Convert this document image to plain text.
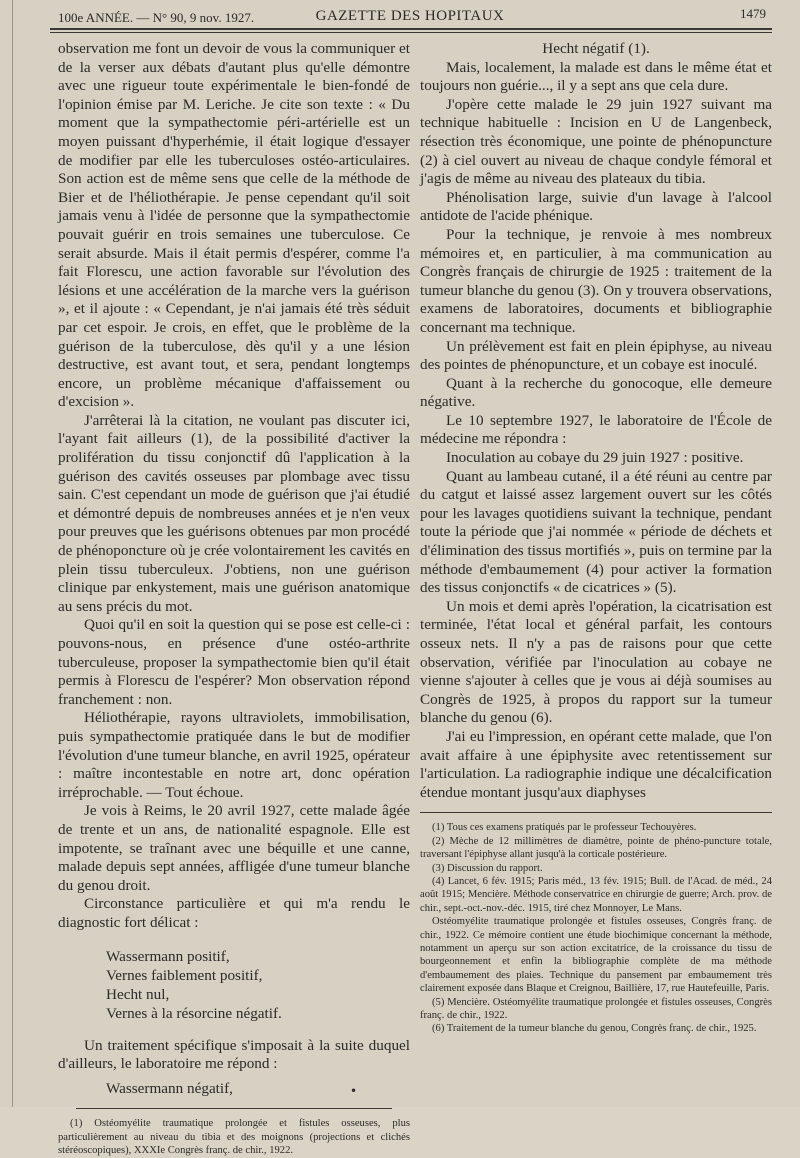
100e ANNÉE. — N° 90, 9 nov. 1927.	GAZETTE DES HOPITAUX	1479

observation me font un devoir de vous la communiquer et de la verser aux débats d'autant plus qu'elle démontre avec une rigueur toute expérimentale le bien-fondé de l'opinion émise par M. Leriche. Je cite son texte : « Du moment que la sympathectomie péri-artérielle est un moyen puissant d'hyperhémie, il était logique d'essayer de modifier par elle les tuberculoses ostéo-articulaires. Son action est de même sens que celle de la méthode de Bier et de l'héliothérapie. Je pense cependant qu'il soit jamais venu à l'idée de personne que la sympathectomie pouvait guérir en trois semaines une tuberculose. Ce serait absurde. Mais il était permis d'espérer, comme l'a fait Florescu, une action favorable sur l'évolution des lésions et une accélération de la marche vers la guérison », et il ajoute : « Cependant, je n'ai jamais été très séduit par cet espoir. Je crois, en effet, que le problème de la guérison de la tuberculose, dès qu'il y a une lésion destructive, est avant tout, et sera, pendant longtemps encore, un problème mécanique d'affaissement ou d'excision ».

J'arrêterai là la citation, ne voulant pas discuter ici, l'ayant fait ailleurs (1), de la possibilité d'activer la prolifération du tissu conjonctif dû l'application à la guérison des cavités osseuses par plombage avec tissu sain. C'est cependant un mode de guérison que j'ai étudié et démontré depuis de nombreuses années et je n'en veux pour preuves que les guérisons obtenues par mon procédé de phénoponcture où je crée volontairement les cavités en plein tissu tuberculeux. J'obtiens, non une guérison clinique par enkystement, mais une guérison anatomique au sens précis du mot.

Quoi qu'il en soit la question qui se pose est celle-ci : pouvons-nous, en présence d'une ostéo-arthrite tuberculeuse, proposer la sympathectomie bien qu'il était permis à Florescu de l'espérer? Mon observation répond franchement : non.

Héliothérapie, rayons ultraviolets, immobilisation, puis sympathectomie pratiquée dans le but de modifier l'évolution d'une tumeur blanche, en avril 1925, opérateur : maître incontestable en notre art, donc opération irréprochable. — Tout échoue.

Je vois à Reims, le 20 avril 1927, cette malade âgée de trente et un ans, de nationalité espagnole. Elle est impotente, se traînant avec une béquille et une canne, malade depuis sept années, affligée d'une tumeur blanche du genou droit.

Circonstance particulière et qui m'a rendu le diagnostic fort délicat :

Wassermann positif,
Vernes faiblement positif,
Hecht nul,
Vernes à la résorcine négatif.

Un traitement spécifique s'imposait à la suite duquel d'ailleurs, le laboratoire me répond :

Wassermann négatif,

(1) Ostéomyélite traumatique prolongée et fistules osseuses, plus particulièrement au niveau du tibia et des moignons (projections et clichés stéréoscopiques), XXXIe Congrès franç. de chir., 1922.

Hecht négatif (1).

Mais, localement, la malade est dans le même état et toujours non guérie..., il y a sept ans que cela dure.

J'opère cette malade le 29 juin 1927 suivant ma technique habituelle : Incision en U de Langenbeck, résection très économique, une pointe de phénopuncture (2) à ciel ouvert au niveau de chaque condyle fémoral et j'agis de même au niveau des plateaux du tibia.

Phénolisation large, suivie d'un lavage à l'alcool antidote de l'acide phénique.

Pour la technique, je renvoie à mes nombreux mémoires et, en particulier, à ma communication au Congrès français de chirurgie de 1925 : traitement de la tumeur blanche du genou (3). On y trouvera observations, examens de laboratoires, documents et bibliographie concernant ma technique.

Un prélèvement est fait en plein épiphyse, au niveau des pointes de phénopuncture, et un cobaye est inoculé.

Quant à la recherche du gonocoque, elle demeure négative.

Le 10 septembre 1927, le laboratoire de l'École de médecine me répondra :

Inoculation au cobaye du 29 juin 1927 : positive.

Quant au lambeau cutané, il a été réuni au centre par du catgut et laissé assez largement ouvert sur les côtés pour les lavages quotidiens suivant la technique, pendant toute la période que j'ai nommée « période de déchets et d'élimination des tissus mortifiés », puis on termine par la méthode d'embaumement (4) pour activer la formation des tissus conjonctifs « de cicatrices » (5).

Un mois et demi après l'opération, la cicatrisation est terminée, l'état local et général parfait, les contours osseux nets. Il n'y a pas de raisons pour que cette observation, vérifiée par l'inoculation au cobaye ne vienne s'ajouter à celles que je vous ai déjà soumises au Congrès de 1925, à propos du rapport sur la tumeur blanche du genou (6).

J'ai eu l'impression, en opérant cette malade, que l'on avait affaire à une épiphysite avec retentissement sur l'articulation. La radiographie indique une décalcification étendue montant jusqu'aux diaphyses

(1) Tous ces examens pratiqués par le professeur Techouyères.
(2) Mèche de 12 millimètres de diamètre, pointe de phéno-puncture totale, traversant l'épiphyse allant jusqu'à la corticale postérieure.
(3) Discussion du rapport.
(4) Lancet, 6 fév. 1915; Paris méd., 13 fév. 1915; Bull. de l'Acad. de méd., 24 août 1915; Mencière. Méthode conservatrice en chirurgie de guerre; Arch. prov. de chir., sept.-oct.-nov.-déc. 1915, tiré chez Monnoyer, Le Mans.
Ostéomyélite traumatique prolongée et fistules osseuses, Congrès franç. de chir., 1922. Ce mémoire contient une étude biochimique concernant la méthode, notamment un aperçu sur son action excitatrice, de la croissance du tissu de bourgeonnement et enfin la bibliographie complète de ma méthode d'embaumement des plaies. Technique du pansement par embaumement très clairement exposée dans Blaque et Creignou, Baillière, 17, rue Hautefeuille, Paris.
(5) Mencière. Ostéomyélite traumatique prolongée et fistules osseuses, Congrès franç. de chir., 1922.
(6) Traitement de la tumeur blanche du genou, Congrès franç. de chir., 1925.
•
